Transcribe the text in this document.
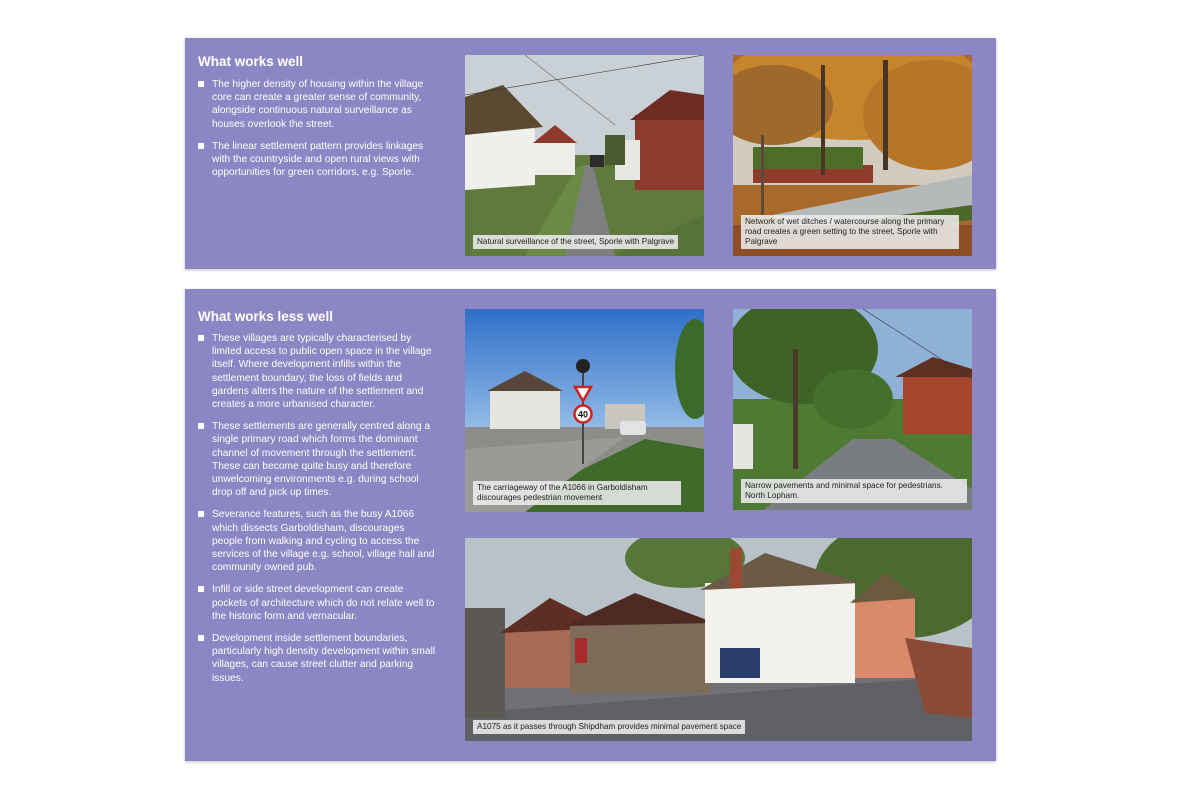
What works well
The higher density of housing within the village core can create a greater sense of community, alongside continuous natural surveillance as houses overlook the street.
The linear settlement pattern provides linkages with the countryside and open rural views with opportunities for green corridors, e.g. Sporle.
Natural surveillance of the street, Sporle with Palgrave
Network of wet ditches / watercourse along the primary road creates a green setting to the street, Sporle with Palgrave
What works less well
These villages are typically characterised by limited access to public open space in the village itself. Where development infills within the settlement boundary, the loss of fields and gardens alters the nature of the settlement and creates a more urbanised character.
These settlements are generally centred along a single primary road which forms the dominant channel of movement through the settlement. These can become quite busy and therefore unwelcoming environments e.g. during school drop off and pick up times.
Severance features, such as the busy A1066 which dissects Garboldisham, discourages people from walking and cycling to access the services of the village e.g. school, village hall and community owned pub.
Infill or side street development can create pockets of architecture which do not relate well to the historic form and vernacular.
Development inside settlement boundaries, particularly high density development within small villages, can cause street clutter and parking issues.
40
The carriageway of the A1066 in Garboldisham discourages pedestrian movement
Narrow pavements and minimal space for pedestrians. North Lopham.
A1075 as it passes through Shipdham provides minimal pavement space
